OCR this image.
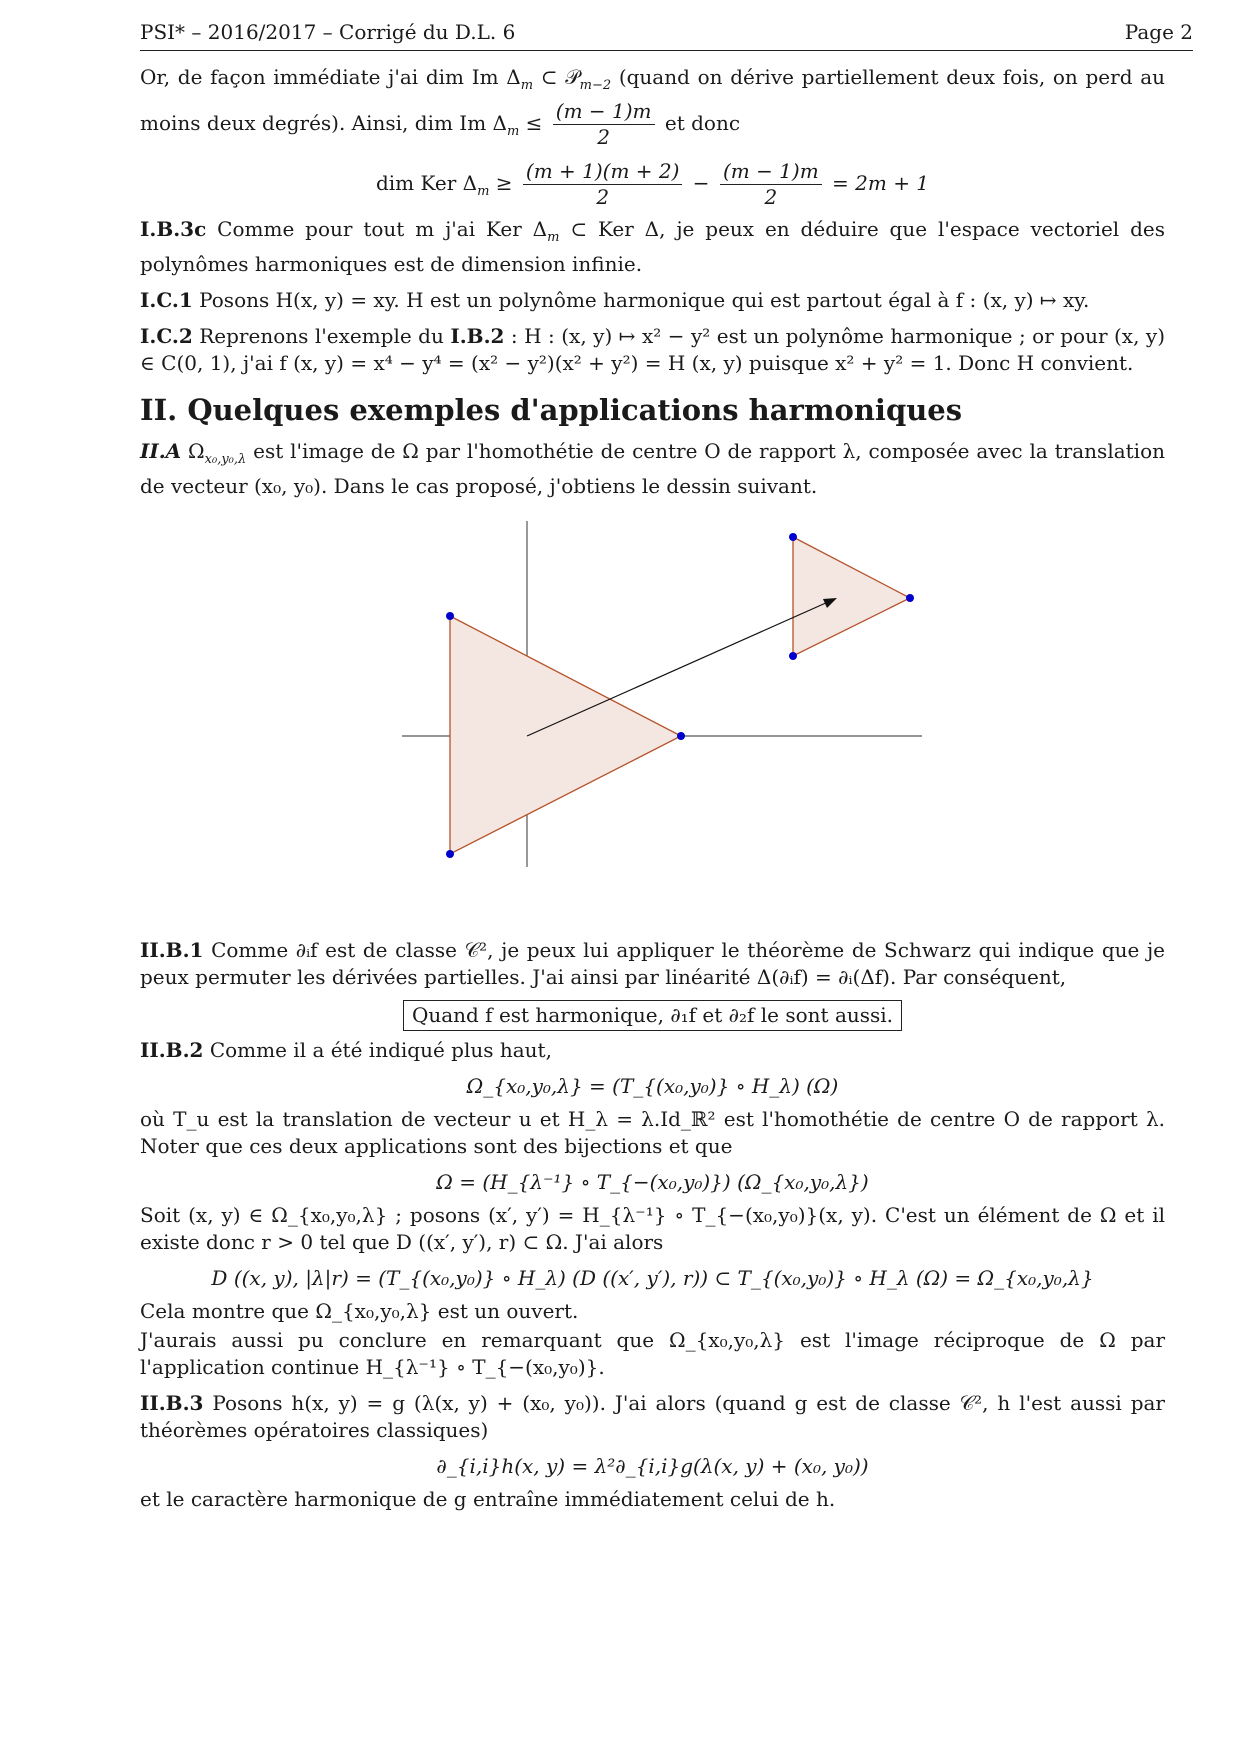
PSI* – 2016/2017 – Corrigé du D.L. 6	Page 2

Or, de façon immédiate j'ai dim Im $\Delta_m$ ⊂ 𝒫$_{m-2}$ (quand on dérive partiellement deux fois, on perd au moins deux degrés). Ainsi, dim Im $\Delta_m \le \frac{(m - 1)m}{2}$ et donc

dim Ker $\Delta_m \ge \frac{(m + 1)(m + 2)}{2} - \frac{(m - 1)m}{2} = 2m + 1$

I.B.3c Comme pour tout m j'ai Ker $\Delta_m$ ⊂ Ker Δ, je peux en déduire que l'espace vectoriel des polynômes harmoniques est de dimension infinie.

I.C.1 Posons H(x, y) = xy. H est un polynôme harmonique qui est partout égal à f : (x, y) ↦ xy.

I.C.2 Reprenons l'exemple du I.B.2 : H : (x, y) ↦ x² − y² est un polynôme harmonique ; or pour (x, y) ∈ C(0, 1), j'ai f (x, y) = x⁴ − y⁴ = (x² − y²)(x² + y²) = H (x, y) puisque x² + y² = 1. Donc H convient.

II. Quelques exemples d'applications harmoniques

II.A $\Omega_{x_0,y_0,\lambda}$ est l'image de Ω par l'homothétie de centre O de rapport λ, composée avec la translation de vecteur (x₀, y₀). Dans le cas proposé, j'obtiens le dessin suivant.

II.B.1 Comme ∂ᵢf est de classe 𝒞², je peux lui appliquer le théorème de Schwarz qui indique que je peux permuter les dérivées partielles. J'ai ainsi par linéarité Δ(∂ᵢf) = ∂ᵢ(Δf). Par conséquent,

Quand f est harmonique, ∂₁f et ∂₂f le sont aussi.

II.B.2 Comme il a été indiqué plus haut,

Ω_{x₀,y₀,λ} = (T_{(x₀,y₀)} ∘ H_λ) (Ω)

où T_u est la translation de vecteur u et H_λ = λ.Id_ℝ² est l'homothétie de centre O de rapport λ. Noter que ces deux applications sont des bijections et que

Ω = (H_{λ⁻¹} ∘ T_{−(x₀,y₀)}) (Ω_{x₀,y₀,λ})

Soit (x, y) ∈ Ω_{x₀,y₀,λ} ; posons (x′, y′) = H_{λ⁻¹} ∘ T_{−(x₀,y₀)}(x, y). C'est un élément de Ω et il existe donc r > 0 tel que D ((x′, y′), r) ⊂ Ω. J'ai alors

D ((x, y), |λ|r) = (T_{(x₀,y₀)} ∘ H_λ) (D ((x′, y′), r)) ⊂ T_{(x₀,y₀)} ∘ H_λ (Ω) = Ω_{x₀,y₀,λ}

Cela montre que Ω_{x₀,y₀,λ} est un ouvert.

J'aurais aussi pu conclure en remarquant que Ω_{x₀,y₀,λ} est l'image réciproque de Ω par l'application continue H_{λ⁻¹} ∘ T_{−(x₀,y₀)}.

II.B.3 Posons h(x, y) = g (λ(x, y) + (x₀, y₀)). J'ai alors (quand g est de classe 𝒞², h l'est aussi par théorèmes opératoires classiques)

∂_{i,i}h(x, y) = λ²∂_{i,i}g(λ(x, y) + (x₀, y₀))

et le caractère harmonique de g entraîne immédiatement celui de h.
